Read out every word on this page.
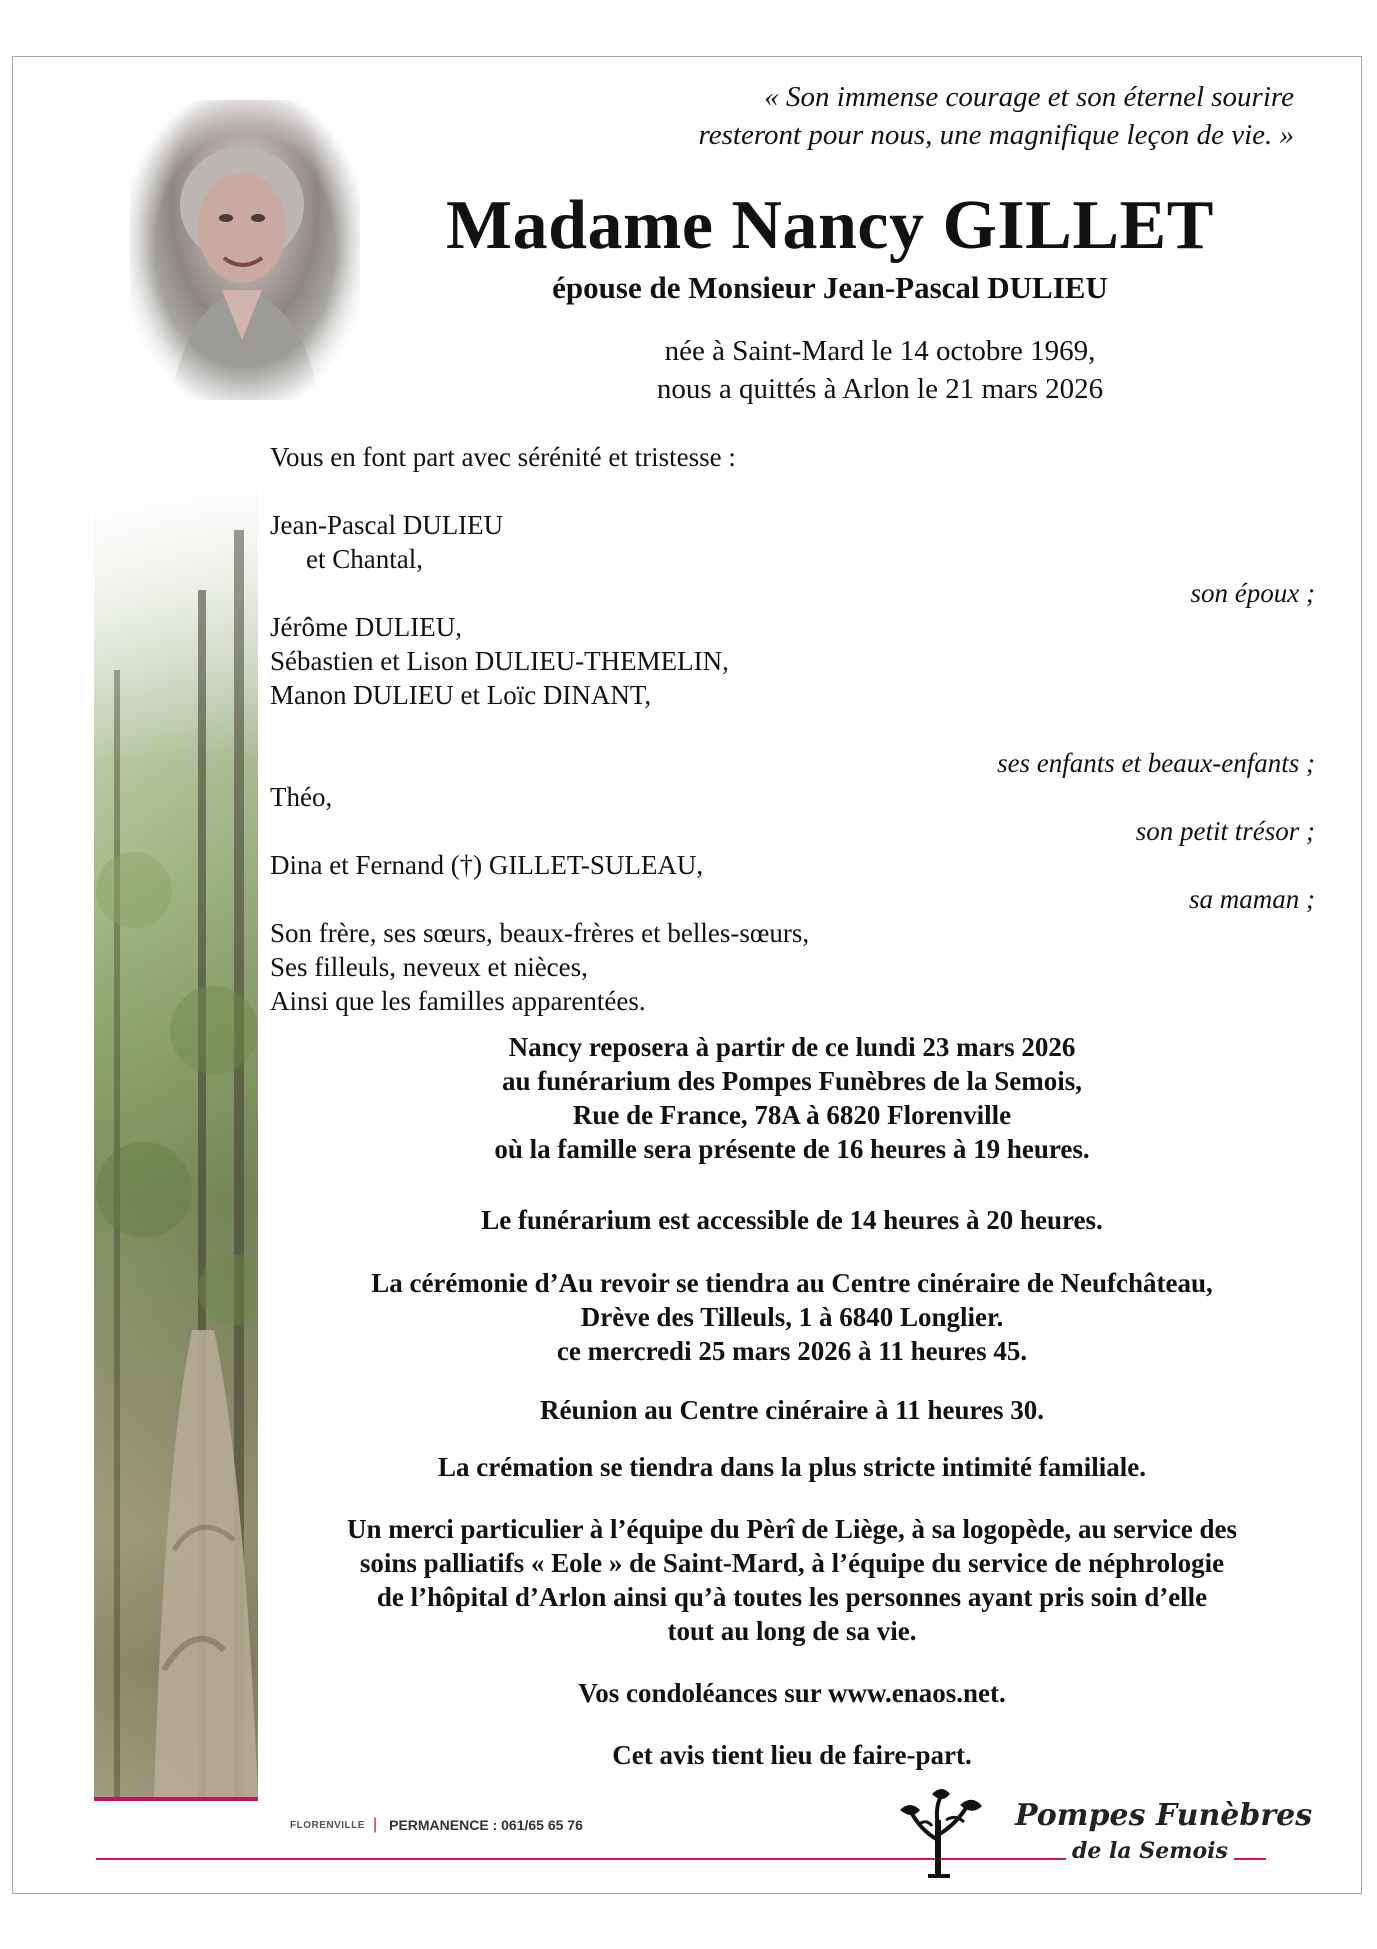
« Son immense courage et son éternel sourire
resteront pour nous, une magnifique leçon de vie. »
Madame Nancy GILLET
épouse de Monsieur Jean-Pascal DULIEU
née à Saint-Mard le 14 octobre 1969,
nous a quittés à Arlon le 21 mars 2026
Vous en font part avec sérénité et tristesse :
Jean-Pascal DULIEU
et Chantal,
son époux ;
Jérôme DULIEU,
Sébastien et Lison DULIEU-THEMELIN,
Manon DULIEU et Loïc DINANT,
ses enfants et beaux-enfants ;
Théo,
son petit trésor ;
Dina et Fernand (†) GILLET-SULEAU,
sa maman ;
Son frère, ses sœurs, beaux-frères et belles-sœurs,
Ses filleuls, neveux et nièces,
Ainsi que les familles apparentées.
Nancy reposera à partir de ce lundi 23 mars 2026
au funérarium des Pompes Funèbres de la Semois,
Rue de France, 78A à 6820 Florenville
où la famille sera présente de 16 heures à 19 heures.
Le funérarium est accessible de 14 heures à 20 heures.
La cérémonie d’Au revoir se tiendra au Centre cinéraire de Neufchâteau,
Drève des Tilleuls, 1 à 6840 Longlier.
ce mercredi 25 mars 2026 à 11 heures 45.
Réunion au Centre cinéraire à 11 heures 30.
La crémation se tiendra dans la plus stricte intimité familiale.
Un merci particulier à l’équipe du Pèrî de Liège, à sa logopède, au service des
soins palliatifs « Eole » de Saint-Mard, à l’équipe du service de néphrologie
de l’hôpital d’Arlon ainsi qu’à toutes les personnes ayant pris soin d’elle
tout au long de sa vie.
Vos condoléances sur www.enaos.net.
Cet avis tient lieu de faire-part.
FLORENVILLE | PERMANENCE : 061/65 65 76	Pompes Funèbres
de la Semois
